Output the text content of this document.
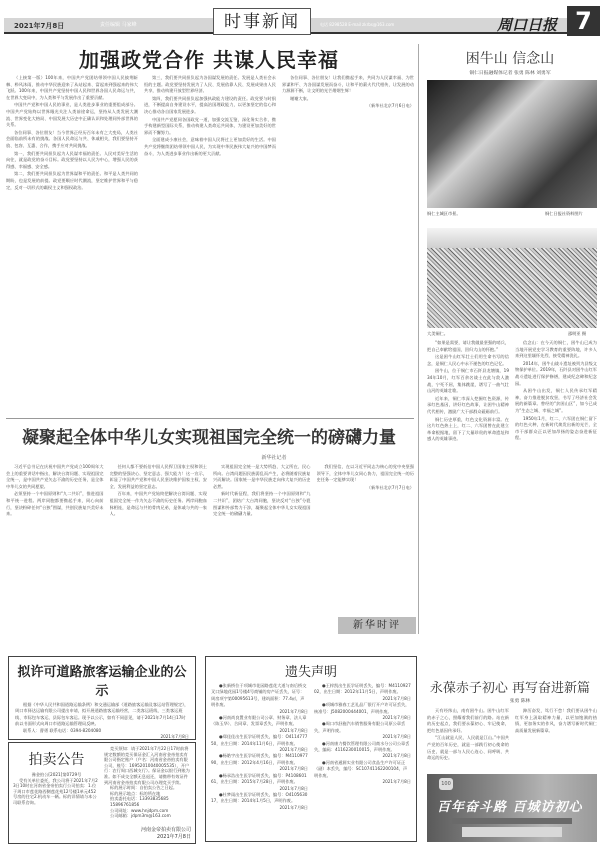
2021年7月8日	责任编辑 马家峰	时事新闻	电话 8298528 E-mail zkrbs@163.com	周口日报 7
加强政党合作 共谋人民幸福

（上接第一版）100年来，中国共产党团结带领中国人民披荆斩棘、栉风沐雨，推动中华民族迎来了从站起来、富起来到强起来的伟大飞跃。100年来，中国共产党坚持中国人民和世界各国人民命运与共，在世界大变局中，为人类和平与发展作出了重要贡献。

中国共产党和中国人民的事业，是人类进步事业的重要组成部分。中国共产党始终以世界眼光关注人类前途命运，坚持从人类发展大潮流、世界变化大格局、中国发展大历史中正确认识和处理同外部世界的关系。

各位同事、各位朋友！当今世界正经历百年未有之大变局，人类社会面临前所未有的挑战。各国人民命运与共、休戚相关，我们要坚持开放、包容、互惠、合作，携手应对共同挑战。

第一，我们要共同担负起为人民谋幸福的责任。人民对美好生活的向往，就是政党的奋斗目标。政党要坚持以人民为中心，增强人民的获得感、幸福感、安全感。

第二，我们要共同担负起为世界谋和平的责任。和平是人类共同的期盼，也是发展的前提。政党要顺应时代潮流，坚定维护世界和平与稳定，反对一切形式的霸权主义和强权政治。

第三，我们要共同担负起为各国谋发展的责任。发展是人类社会永恒的主题。政党要坚持发展为了人民、发展依靠人民、发展成果由人民共享，推动构建开放型世界经济。

第四，我们要共同担负起加强执政能力建设的责任。政党要与时俱进，不断提高自身建设水平，提高治国理政能力，以更加坚定的信心和决心推动各自国家发展进步。

中国共产党愿同各国政党一道，加强交流互鉴，深化务实合作，携手构建新型国际关系，推动构建人类命运共同体，为建设更加美好的世界而不懈努力。

全面建成小康社会，意味着中国人民将过上更加美好的生活。中国共产党将继续团结带领中国人民，为实现中华民族伟大复兴的中国梦而奋斗，为人类进步事业作出新的更大贡献。

各位同事、各位朋友！让我们携起手来，共同为人民谋幸福、为世界谋和平、为各国谋发展而奋斗，让和平的薪火代代相传，让发展的动力源源不断，让文明的光芒熠熠生辉！

谢谢大家。

（新华社北京7月6日电）
凝聚起全体中华儿女实现祖国完全统一的磅礴力量
新华社记者

习近平总书记在庆祝中国共产党成立100周年大会上的重要讲话中指出，解决台湾问题、实现祖国完全统一，是中国共产党矢志不渝的历史任务，是全体中华儿女的共同愿望。

必须坚持一个中国原则和“九二共识”，推进祖国和平统一进程。两岸同胞都要携起手来，同心向前行，坚决粉碎任何“台独”图谋，共创民族复兴美好未来。

任何人都不要低估中国人民捍卫国家主权和领土完整的坚强决心、坚定意志、强大能力！这一宣示，彰显了中国共产党和中国人民坚决维护国家主权、安全、发展利益的坚定意志。

百年来，中国共产党始终把解决台湾问题、实现祖国完全统一作为矢志不渝的历史任务。两岸同胞血脉相连，是命运与共的骨肉兄弟，是休戚与共的一家人。

实现祖国完全统一是大势所趋、大义所在、民心所向。台湾问题因民族弱乱而产生，必将随着民族复兴而解决。国家统一是中华民族走向伟大复兴的历史必然。

新时代新征程，我们将坚持一个中国原则和“九二共识”，团结广大台湾同胞，坚决反对“台独”分裂图谋和外部势力干涉，凝聚起全体中华儿女实现祖国完全统一的磅礴力量。

我们坚信，在以习近平同志为核心的党中央坚强领导下，全体中华儿女同心协力，祖国完全统一的历史任务一定能够实现！

（新华社北京7月7日电）
新华时评
困牛山 信念山
铜仁日报融媒体记者 张勇 陈林 刘勇军
铜仁主城区市景。	铜仁日报社资料图片
大美铜仁。	邵明亚 摄

“如果是需要，请让我做最坚强的哨兵，把自己奉献给祖国，回归大山的怀抱。”

这是困牛山红军壮士们用生命书写的信念，是铜仁人民心中永不褪色的红色记忆。

困牛山，位于铜仁市石阡县龙塘镇，1934年10月，红军百余名战士在此与敌人激战，宁死不屈，集体跳崖，谱写了一曲气壮山河的英雄壮歌。

近年来，铜仁市深入挖掘红色资源，传承红色基因，讲好红色故事，让困牛山精神代代相传，激励广大干部群众砥砺前行。

铜仁历史厚重，红色文化资源丰富。在这片红色热土上，红二、六军团曾在此建立革命根据地，留下了大量珍贵的革命遗址和感人的英雄事迹。

信念山：在今天的铜仁，困牛山已成为当地开展党史学习教育的重要阵地，许多人来到这里缅怀先烈、接受精神洗礼。

2014年，困牛山战斗遗址被列为县级文物保护单位。2019年，石阡县对困牛山红军战斗遗址进行保护修缮，建成纪念碑和纪念园。

从困牛山出发，铜仁人民传承红军精神，奋力推进脱贫攻坚，书写了经济社会发展的新篇章。曾经的“贫困山区”，如今已成为“生态之城、幸福之城”。

1950年1月，红二、六军团在铜仁留下的红色火种，在新时代焕发出新的光芒，全市干部群众正以更加昂扬的姿态奋进新征程。

永葆赤子初心 再写奋进新篇
张勇 陈林

天有经纬山，南有困牛山。困牛山红军的赤子之心，照耀着我们前行的路。站在新的历史起点，我们要永葆初心、牢记使命，把红色基因传承好。

“江山就是人民，人民就是江山。”中国共产党的百年历史，就是一部践行初心使命的历史，就是一部与人民心连心、同呼吸、共命运的历史。

踔厉奋发，笃行不怠！我们要从困牛山红军身上汲取精神力量，以更加饱满的热情，更加务实的作风，奋力谱写新时代铜仁高质量发展新篇章。

100
百年奋斗路 百城访初心
拟许可道路旅客运输企业的公示

根据《中华人民共和国道路运输条例》和交通运输部《道路旅客运输及客运站管理规定》，周口市驿达运输有限公司提出申请，拟开展道路旅客运输经营，二类客运班线、三类客运班线、市际包车客运、县际包车客运。现予以公示，如有不同意见，请于2021年7月14日17时前以书面形式向周口市道路运输管理局反映。

联系人：曹勇 联系电话：0394-8204080

2021年7月8日
拍卖公告
豫金拍公[2021]第0729号

受有关单位委托，我公司将于2021年7月23日10时在河南省金帝拍卖行公司拍卖：1.位于周口市莲花路西侧莲花苑12号楼1单元452号房的住宅2.机动车一辆。标的详情请与本公司联系咨询。

竞买须知：请于2021年7月22日17时前将规定数额的竞买保证金汇入河南省金帝拍卖有限公司指定账户（户名：河南省金帝拍卖有限公司，账号：16952010040005535），开户行：农行周口西城支行）。保证金以银行到账为准。如不成交全额无息退还，请携带有效证件到河南省金帝拍卖有限公司办理竞买手续。

标的展示时间：自拍卖公告之日起。

标的展示地点：标的所在地

拍卖委托电话：13393835685

15896761856

公司网址：www.hnjdpm.com

公司邮箱：jdpm3m@163.com

河南金帝拍卖有限公司
2021年7月8日
遗失声明

●张新桥位于项城市花园路莲花大道与南后桥交叉口绿地花园1号楼4号商铺的房产证丢失，证号：周房项字第00095613号，建筑面积：77.4㎡，声明作废。

2021年7月8日

●河南尚良置业有限公司公章、财务章、法人章（陈玉华）、合同章、发票章丢失，声明作废。

2021年7月8日

●郑佳佳出生医学证明丢失，编号：O411477750，出生日期：2014年11月6日，声明作废。

2021年7月8日

●杨皓宇出生医学证明丢失，编号：M411097790，出生日期：2012年4月16日，声明作废。

2021年7月8日

●杨承浩出生医学证明丢失，编号：P410860161，出生日期：2015年7月28日，声明作废。

2021年7月8日

●杜梦雨出生医学证明丢失，编号：O410563017，出生日期：2014年1月5日，声明作废。

2021年7月8日

●王梓凯出生医学证明丢失，编号：M411092702，出生日期：2012年11月5日，声明作废。

2021年7月8日

●项城市雅春工艺礼品厂银行开户许可证丢失，核准号：J5082000444001，声明作废。

2021年7月8日

●周口市舒施汽车销售服务有限公司原公章丢失，声明作废。

2021年7月8日

●河南康力餐饮管理有限公司商水分公司公章丢失，编码：4116230010015，声明作废。

2021年7月8日

●河南省通源实业有限公司食品生产许可证正（副）本丢失，编号：SC10741162200104，声明作废。

2021年7月8日
